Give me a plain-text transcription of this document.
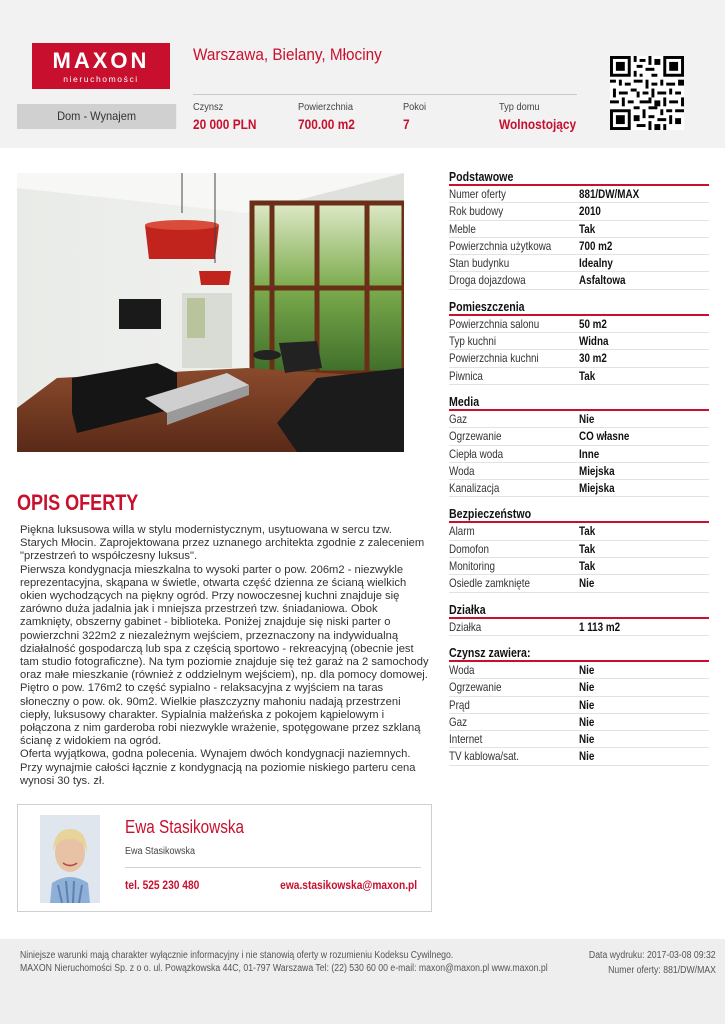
MAXON
nieruchomości
Warszawa, Bielany, Młociny
Dom - Wynajem
Czynsz
20 000 PLN
Powierzchnia
700.00 m2
Pokoi
7
Typ domu
Wolnostojący
OPIS OFERTY
Piękna luksusowa willa w stylu modernistycznym, usytuowana w sercu tzw. Starych Młocin. Zaprojektowana przez uznanego architekta zgodnie z zaleceniem "przestrzeń to współczesny luksus".
Pierwsza kondygnacja mieszkalna to wysoki parter o pow. 206m2 - niezwykle reprezentacyjna, skąpana w świetle, otwarta część dzienna ze ścianą wielkich okien wychodzących na piękny ogród. Przy nowoczesnej kuchni znajduje się zarówno duża jadalnia jak i mniejsza przestrzeń tzw. śniadaniowa. Obok zamknięty, obszerny gabinet - biblioteka. Poniżej znajduje się niski parter o powierzchni 322m2 z niezależnym wejściem, przeznaczony na indywidualną działalność gospodarczą lub spa z częścią sportowo - rekreacyjną (obecnie jest tam studio fotograficzne). Na tym poziomie znajduje się też garaż na 2 samochody oraz małe mieszkanie (również z oddzielnym wejściem), np. dla pomocy domowej.
Piętro o pow. 176m2 to część sypialno - relaksacyjna z wyjściem na taras słoneczny o pow. ok. 90m2. Wielkie płaszczyzny mahoniu nadają przestrzeni ciepły, luksusowy charakter. Sypialnia małżeńska z pokojem kąpielowym i połączona z nim garderoba robi niezwykle wrażenie, spotęgowane przez szklaną ścianę z widokiem na ogród.
Oferta wyjątkowa, godna polecenia. Wynajem dwóch kondygnacji naziemnych. Przy wynajmie całości łącznie z kondygnacją na poziomie niskiego parteru cena wynosi 30 tys. zł.
Ewa Stasikowska
Ewa Stasikowska
tel. 525 230 480	ewa.stasikowska@maxon.pl
Podstawowe
Numer oferty	881/DW/MAX
Rok budowy	2010
Meble	Tak
Powierzchnia użytkowa 700 m2
Stan budynku	Idealny
Droga dojazdowa	Asfaltowa
Pomieszczenia
Powierzchnia salonu	50 m2
Typ kuchni	Widna
Powierzchnia kuchni	30 m2
Piwnica	Tak
Media
Gaz	Nie
Ogrzewanie	CO własne
Ciepła woda	Inne
Woda	Miejska
Kanalizacja	Miejska
Bezpieczeństwo
Alarm	Tak
Domofon	Tak
Monitoring	Tak
Osiedle zamknięte	Nie
Działka
Działka	1 113 m2
Czynsz zawiera:
Woda	Nie
Ogrzewanie	Nie
Prąd	Nie
Gaz	Nie
Internet	Nie
TV kablowa/sat.	Nie
Niniejsze warunki mają charakter wyłącznie informacyjny i nie stanowią oferty w rozumieniu Kodeksu Cywilnego.
MAXON Nieruchomości Sp. z o o. ul. Powązkowska 44C, 01-797 Warszawa Tel: (22) 530 60 00 e-mail: maxon@maxon.pl www.maxon.pl
Data wydruku: 2017-03-08 09:32
Numer oferty: 881/DW/MAX
